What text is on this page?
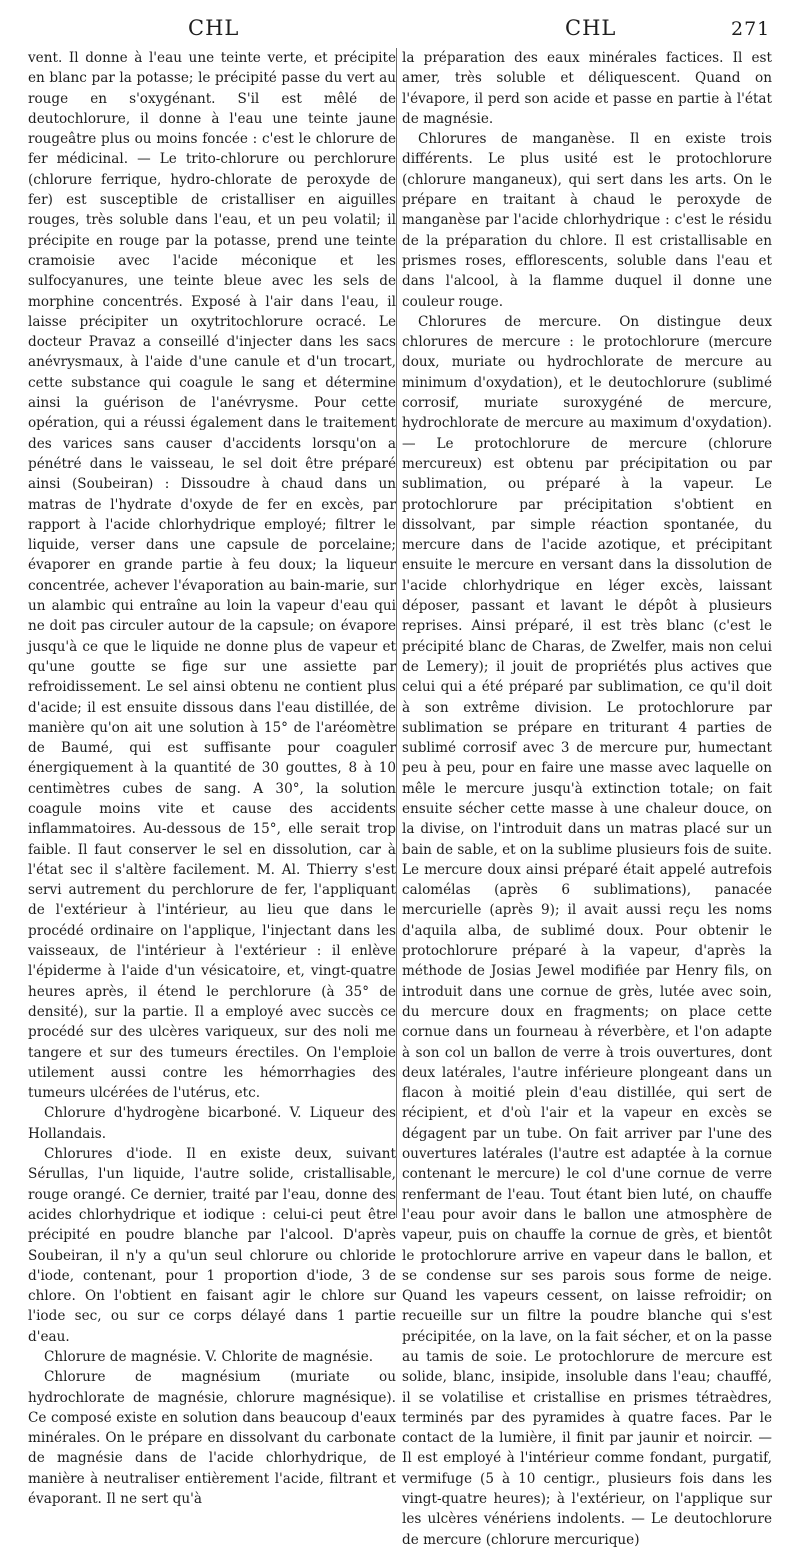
CHL	CHL	271

vent. Il donne à l'eau une teinte verte, et précipite en blanc par la potasse; le précipité passe du vert au rouge en s'oxygénant. S'il est mêlé de deutochlorure, il donne à l'eau une teinte jaune rougeâtre plus ou moins foncée : c'est le chlorure de fer médicinal. — Le trito-chlorure ou perchlorure (chlorure ferrique, hydro-chlorate de peroxyde de fer) est susceptible de cristalliser en aiguilles rouges, très soluble dans l'eau, et un peu volatil; il précipite en rouge par la potasse, prend une teinte cramoisie avec l'acide méconique et les sulfocyanures, une teinte bleue avec les sels de morphine concentrés. Exposé à l'air dans l'eau, il laisse précipiter un oxytritochlorure ocracé. Le docteur Pravaz a conseillé d'injecter dans les sacs anévrysmaux, à l'aide d'une canule et d'un trocart, cette substance qui coagule le sang et détermine ainsi la guérison de l'anévrysme. Pour cette opération, qui a réussi également dans le traitement des varices sans causer d'accidents lorsqu'on a pénétré dans le vaisseau, le sel doit être préparé ainsi (Soubeiran) : Dissoudre à chaud dans un matras de l'hydrate d'oxyde de fer en excès, par rapport à l'acide chlorhydrique employé; filtrer le liquide, verser dans une capsule de porcelaine; évaporer en grande partie à feu doux; la liqueur concentrée, achever l'évaporation au bain-marie, sur un alambic qui entraîne au loin la vapeur d'eau qui ne doit pas circuler autour de la capsule; on évapore jusqu'à ce que le liquide ne donne plus de vapeur et qu'une goutte se fige sur une assiette par refroidissement. Le sel ainsi obtenu ne contient plus d'acide; il est ensuite dissous dans l'eau distillée, de manière qu'on ait une solution à 15° de l'aréomètre de Baumé, qui est suffisante pour coaguler énergiquement à la quantité de 30 gouttes, 8 à 10 centimètres cubes de sang. A 30°, la solution coagule moins vite et cause des accidents inflammatoires. Au-dessous de 15°, elle serait trop faible. Il faut conserver le sel en dissolution, car à l'état sec il s'altère facilement. M. Al. Thierry s'est servi autrement du perchlorure de fer, l'appliquant de l'extérieur à l'intérieur, au lieu que dans le procédé ordinaire on l'applique, l'injectant dans les vaisseaux, de l'intérieur à l'extérieur : il enlève l'épiderme à l'aide d'un vésicatoire, et, vingt-quatre heures après, il étend le perchlorure (à 35° de densité), sur la partie. Il a employé avec succès ce procédé sur des ulcères variqueux, sur des noli me tangere et sur des tumeurs érectiles. On l'emploie utilement aussi contre les hémorrhagies des tumeurs ulcérées de l'utérus, etc.

Chlorure d'hydrogène bicarboné. V. Liqueur des Hollandais.

Chlorures d'iode. Il en existe deux, suivant Sérullas, l'un liquide, l'autre solide, cristallisable, rouge orangé. Ce dernier, traité par l'eau, donne des acides chlorhydrique et iodique : celui-ci peut être précipité en poudre blanche par l'alcool. D'après Soubeiran, il n'y a qu'un seul chlorure ou chloride d'iode, contenant, pour 1 proportion d'iode, 3 de chlore. On l'obtient en faisant agir le chlore sur l'iode sec, ou sur ce corps délayé dans 1 partie d'eau.

Chlorure de magnésie. V. Chlorite de magnésie.

Chlorure de magnésium (muriate ou hydrochlorate de magnésie, chlorure magnésique). Ce composé existe en solution dans beaucoup d'eaux minérales. On le prépare en dissolvant du carbonate de magnésie dans de l'acide chlorhydrique, de manière à neutraliser entièrement l'acide, filtrant et évaporant. Il ne sert qu'à

la préparation des eaux minérales factices. Il est amer, très soluble et déliquescent. Quand on l'évapore, il perd son acide et passe en partie à l'état de magnésie.

Chlorures de manganèse. Il en existe trois différents. Le plus usité est le protochlorure (chlorure manganeux), qui sert dans les arts. On le prépare en traitant à chaud le peroxyde de manganèse par l'acide chlorhydrique : c'est le résidu de la préparation du chlore. Il est cristallisable en prismes roses, efflorescents, soluble dans l'eau et dans l'alcool, à la flamme duquel il donne une couleur rouge.

Chlorures de mercure. On distingue deux chlorures de mercure : le protochlorure (mercure doux, muriate ou hydrochlorate de mercure au minimum d'oxydation), et le deutochlorure (sublimé corrosif, muriate suroxygéné de mercure, hydrochlorate de mercure au maximum d'oxydation). — Le protochlorure de mercure (chlorure mercureux) est obtenu par précipitation ou par sublimation, ou préparé à la vapeur. Le protochlorure par précipitation s'obtient en dissolvant, par simple réaction spontanée, du mercure dans de l'acide azotique, et précipitant ensuite le mercure en versant dans la dissolution de l'acide chlorhydrique en léger excès, laissant déposer, passant et lavant le dépôt à plusieurs reprises. Ainsi préparé, il est très blanc (c'est le précipité blanc de Charas, de Zwelfer, mais non celui de Lemery); il jouit de propriétés plus actives que celui qui a été préparé par sublimation, ce qu'il doit à son extrême division. Le protochlorure par sublimation se prépare en triturant 4 parties de sublimé corrosif avec 3 de mercure pur, humectant peu à peu, pour en faire une masse avec laquelle on mêle le mercure jusqu'à extinction totale; on fait ensuite sécher cette masse à une chaleur douce, on la divise, on l'introduit dans un matras placé sur un bain de sable, et on la sublime plusieurs fois de suite. Le mercure doux ainsi préparé était appelé autrefois calomélas (après 6 sublimations), panacée mercurielle (après 9); il avait aussi reçu les noms d'aquila alba, de sublimé doux. Pour obtenir le protochlorure préparé à la vapeur, d'après la méthode de Josias Jewel modifiée par Henry fils, on introduit dans une cornue de grès, lutée avec soin, du mercure doux en fragments; on place cette cornue dans un fourneau à réverbère, et l'on adapte à son col un ballon de verre à trois ouvertures, dont deux latérales, l'autre inférieure plongeant dans un flacon à moitié plein d'eau distillée, qui sert de récipient, et d'où l'air et la vapeur en excès se dégagent par un tube. On fait arriver par l'une des ouvertures latérales (l'autre est adaptée à la cornue contenant le mercure) le col d'une cornue de verre renfermant de l'eau. Tout étant bien luté, on chauffe l'eau pour avoir dans le ballon une atmosphère de vapeur, puis on chauffe la cornue de grès, et bientôt le protochlorure arrive en vapeur dans le ballon, et se condense sur ses parois sous forme de neige. Quand les vapeurs cessent, on laisse refroidir; on recueille sur un filtre la poudre blanche qui s'est précipitée, on la lave, on la fait sécher, et on la passe au tamis de soie. Le protochlorure de mercure est solide, blanc, insipide, insoluble dans l'eau; chauffé, il se volatilise et cristallise en prismes tétraèdres, terminés par des pyramides à quatre faces. Par le contact de la lumière, il finit par jaunir et noircir. — Il est employé à l'intérieur comme fondant, purgatif, vermifuge (5 à 10 centigr., plusieurs fois dans les vingt-quatre heures); à l'extérieur, on l'applique sur les ulcères vénériens indolents. — Le deutochlorure de mercure (chlorure mercurique)
